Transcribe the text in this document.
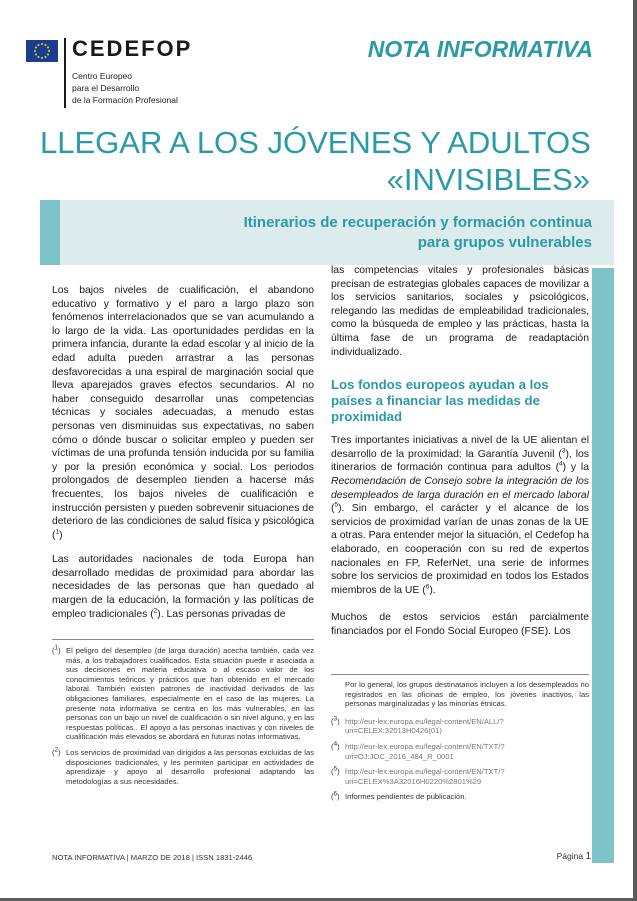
CEDEFOP
Centro Europeo
para el Desarrollo
de la Formación Profesional
NOTA INFORMATIVA
LLEGAR A LOS JÓVENES Y ADULTOS
«INVISIBLES»
Itinerarios de recuperación y formación continua
para grupos vulnerables

Los bajos niveles de cualificación, el abandono educativo y formativo y el paro a largo plazo son fenómenos interrelacionados que se van acumulando a lo largo de la vida. Las oportunidades perdidas en la primera infancia, durante la edad escolar y al inicio de la edad adulta pueden arrastrar a las personas desfavorecidas a una espiral de marginación social que lleva aparejados graves efectos secundarios. Al no haber conseguido desarrollar unas competencias técnicas y sociales adecuadas, a menudo estas personas ven disminuidas sus expectativas, no saben cómo o dónde buscar o solicitar empleo y pueden ser víctimas de una profunda tensión inducida por su familia y por la presión económica y social. Los periodos prolongados de desempleo tienden a hacerse más frecuentes, los bajos niveles de cualificación e instrucción persisten y pueden sobrevenir situaciones de deterioro de las condiciones de salud física y psicológica ($^1$)

Las autoridades nacionales de toda Europa han desarrollado medidas de proximidad para abordar las necesidades de las personas que han quedado al margen de la educación, la formación y las políticas de empleo tradicionales ($^2$). Las personas privadas de

las competencias vitales y profesionales básicas precisan de estrategias globales capaces de movilizar a los servicios sanitarios, sociales y psicológicos, relegando las medidas de empleabilidad tradicionales, como la búsqueda de empleo y las prácticas, hasta la última fase de un programa de readaptación individualizado.

Los fondos europeos ayudan a los países a financiar las medidas de proximidad

Tres importantes iniciativas a nivel de la UE alientan el desarrollo de la proximidad: la Garantía Juvenil ($^3$), los itinerarios de formación continua para adultos ($^4$) y la Recomendación de Consejo sobre la integración de los desempleados de larga duración en el mercado laboral ($^5$). Sin embargo, el carácter y el alcance de los servicios de proximidad varían de unas zonas de la UE a otras. Para entender mejor la situación, el Cedefop ha elaborado, en cooperación con su red de expertos nacionales en FP, ReferNet, una serie de informes sobre los servicios de proximidad en todos los Estados miembros de la UE ($^6$).

Muchos de estos servicios están parcialmente financiados por el Fondo Social Europeo (FSE). Los

($^1$) El peligro del desempleo (de larga duración) acecha también, cada vez más, a los trabajadores cualificados. Esta situación puede ir asociada a sus decisiones en materia educativa o al escaso valor de los conocimientos teóricos y prácticos que han obtenido en el mercado laboral. También existen patrones de inactividad derivados de las obligaciones familiares, especialmente en el caso de las mujeres. La presente nota informativa se centra en los más vulnerables, en las personas con un bajo un nivel de cualificación o sin nivel alguno, y en las respuestas políticas.. El apoyo a las personas inactivas y con niveles de cualificación más elevados se abordará en futuras notas informativas.
($^2$) Los servicios de proximidad van dirigidos a las personas excluidas de las disposiciones tradicionales, y les permiten participar en actividades de aprendizaje y apoyo al desarrollo profesional adaptando las metodologías a sus necesidades.
Por lo general, los grupos destinatarios incluyen a los desempleados no registrados en las oficinas de empleo, los jóvenes inactivos, las personas marginalizadas y las minorías étnicas.
($^3$) http://eur-lex.europa.eu/legal-content/EN/ALL/?uri=CELEX:32013H0426(01)
($^4$) http://eur-lex.europa.eu/legal-content/EN/TXT/?uri=OJ:JOC_2016_484_R_0001
($^5$) http://eur-lex.europa.eu/legal-content/EN/TXT/?uri=CELEX%3A32016H0220%2801%29
($^6$) Informes pendientes de publicación.
NOTA INFORMATIVA | MARZO DE 2018 | ISSN 1831-2446	Página 1
